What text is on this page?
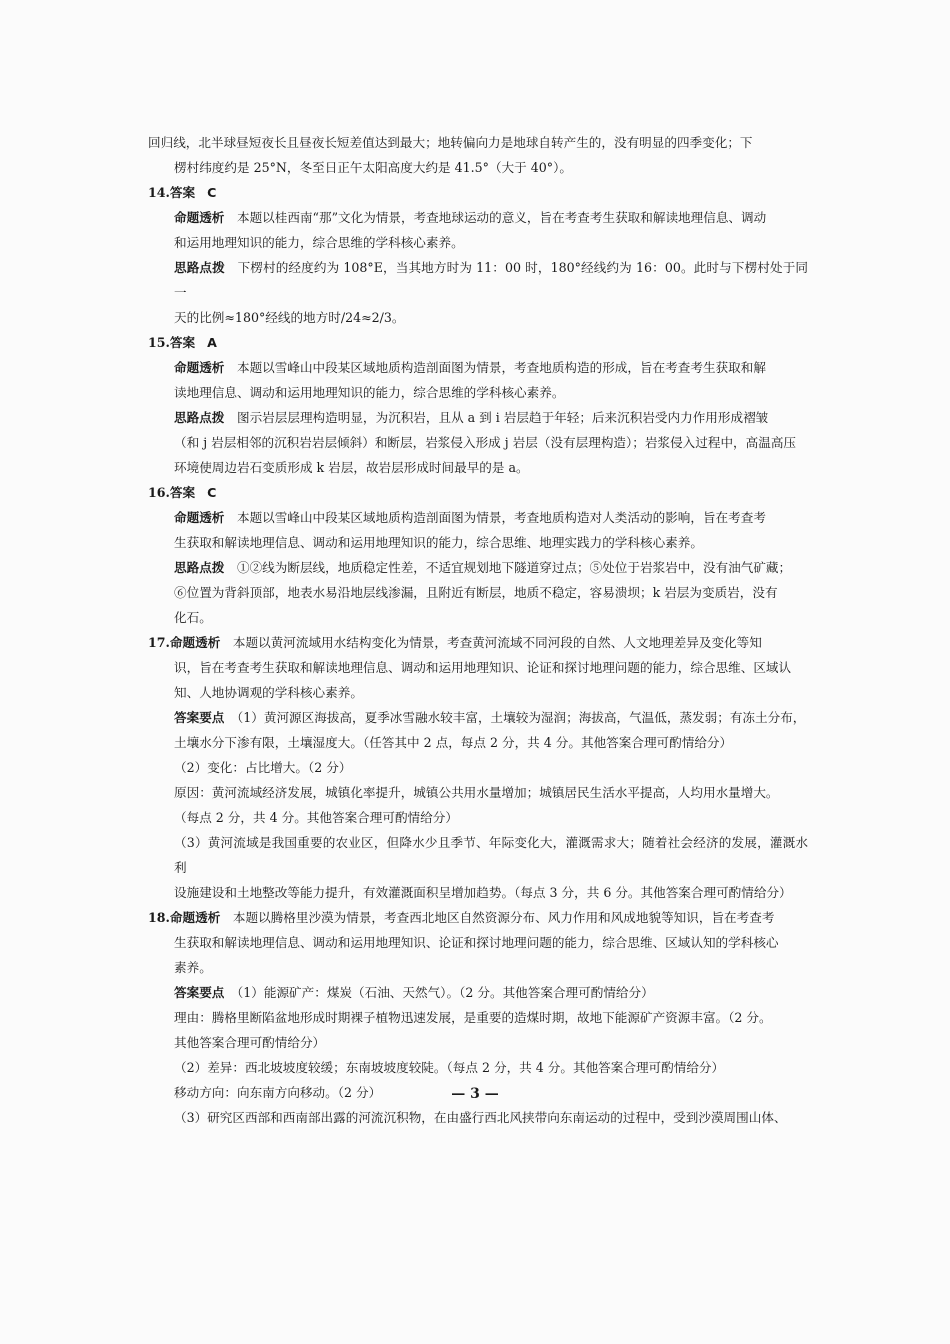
回归线，北半球昼短夜长且昼夜长短差值达到最大；地转偏向力是地球自转产生的，没有明显的四季变化；下

楞村纬度约是 25°N，冬至日正午太阳高度大约是 41.5°（大于 40°）。

14.答案 C

命题透析　 本题以桂西南“那”文化为情景，考查地球运动的意义，旨在考查考生获取和解读地理信息、调动

和运用地理知识的能力，综合思维的学科核心素养。

思路点拨　 下楞村的经度约为 108°E，当其地方时为 11：00 时，180°经线约为 16：00。此时与下楞村处于同一

天的比例≈180°经线的地方时/24≈2/3。

15.答案 A

命题透析　 本题以雪峰山中段某区域地质构造剖面图为情景，考查地质构造的形成，旨在考查考生获取和解

读地理信息、调动和运用地理知识的能力，综合思维的学科核心素养。

思路点拨　 图示岩层层理构造明显，为沉积岩，且从 a 到 i 岩层趋于年轻；后来沉积岩受内力作用形成褶皱

（和 j 岩层相邻的沉积岩岩层倾斜）和断层，岩浆侵入形成 j 岩层（没有层理构造）；岩浆侵入过程中，高温高压

环境使周边岩石变质形成 k 岩层，故岩层形成时间最早的是 a。

16.答案 C

命题透析　 本题以雪峰山中段某区域地质构造剖面图为情景，考查地质构造对人类活动的影响，旨在考查考

生获取和解读地理信息、调动和运用地理知识的能力，综合思维、地理实践力的学科核心素养。

思路点拨　 ①②线为断层线，地质稳定性差，不适宜规划地下隧道穿过点；⑤处位于岩浆岩中，没有油气矿藏；

⑥位置为背斜顶部，地表水易沿地层线渗漏，且附近有断层，地质不稳定，容易溃坝；k 岩层为变质岩，没有

化石。

17.命题透析　 本题以黄河流域用水结构变化为情景，考查黄河流域不同河段的自然、人文地理差异及变化等知

识，旨在考查考生获取和解读地理信息、调动和运用地理知识、论证和探讨地理问题的能力，综合思维、区域认

知、人地协调观的学科核心素养。

答案要点　 （1）黄河源区海拔高，夏季冰雪融水较丰富，土壤较为湿润；海拔高，气温低，蒸发弱；有冻土分布，

土壤水分下渗有限，土壤湿度大。（任答其中 2 点，每点 2 分，共 4 分。其他答案合理可酌情给分）

（2）变化：占比增大。（2 分）

原因：黄河流域经济发展，城镇化率提升，城镇公共用水量增加；城镇居民生活水平提高，人均用水量增大。

（每点 2 分，共 4 分。其他答案合理可酌情给分）

（3）黄河流域是我国重要的农业区，但降水少且季节、年际变化大，灌溉需求大；随着社会经济的发展，灌溉水利

设施建设和土地整改等能力提升，有效灌溉面积呈增加趋势。（每点 3 分，共 6 分。其他答案合理可酌情给分）

18.命题透析　 本题以腾格里沙漠为情景，考查西北地区自然资源分布、风力作用和风成地貌等知识，旨在考查考

生获取和解读地理信息、调动和运用地理知识、论证和探讨地理问题的能力，综合思维、区域认知的学科核心

素养。

答案要点　 （1）能源矿产：煤炭（石油、天然气）。（2 分。其他答案合理可酌情给分）

理由：腾格里断陷盆地形成时期裸子植物迅速发展，是重要的造煤时期，故地下能源矿产资源丰富。（2 分。

其他答案合理可酌情给分）

（2）差异：西北坡坡度较缓；东南坡坡度较陡。（每点 2 分，共 4 分。其他答案合理可酌情给分）

移动方向：向东南方向移动。（2 分）

（3）研究区西部和西南部出露的河流沉积物，在由盛行西北风挟带向东南运动的过程中，受到沙漠周围山体、

— 3 —
